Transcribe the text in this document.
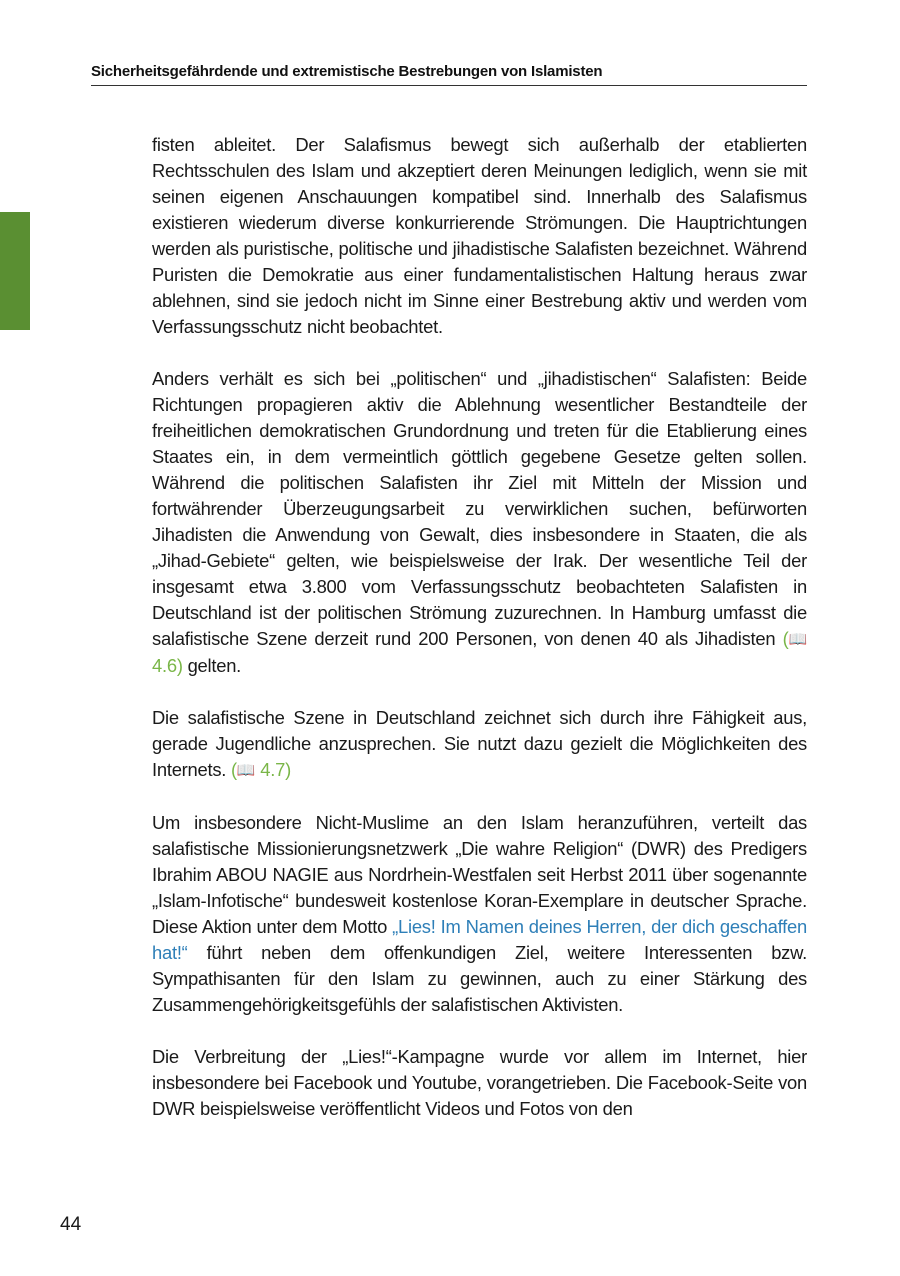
Sicherheitsgefährdende und extremistische Bestrebungen von Islamisten

fisten ableitet. Der Salafismus bewegt sich außerhalb der etablierten Rechtsschulen des Islam und akzeptiert deren Meinungen lediglich, wenn sie mit seinen eigenen Anschauungen kompatibel sind. Innerhalb des Salafismus existieren wiederum diverse konkurrierende Strömungen. Die Hauptrichtungen werden als puristische, politische und jihadistische Salafisten bezeichnet. Während Puristen die Demokratie aus einer fundamentalistischen Haltung heraus zwar ablehnen, sind sie jedoch nicht im Sinne einer Bestrebung aktiv und werden vom Verfassungsschutz nicht beobachtet.

Anders verhält es sich bei „politischen“ und „jihadistischen“ Salafisten: Beide Richtungen propagieren aktiv die Ablehnung wesentlicher Bestandteile der freiheitlichen demokratischen Grundordnung und treten für die Etablierung eines Staates ein, in dem vermeintlich göttlich gegebene Gesetze gelten sollen. Während die politischen Salafisten ihr Ziel mit Mitteln der Mission und fortwährender Überzeugungsarbeit zu verwirklichen suchen, befürworten Jihadisten die Anwendung von Gewalt, dies insbesondere in Staaten, die als „Jihad-Gebiete“ gelten, wie beispielsweise der Irak. Der wesentliche Teil der insgesamt etwa 3.800 vom Verfassungsschutz beobachteten Salafisten in Deutschland ist der politischen Strömung zuzurechnen. In Hamburg umfasst die salafistische Szene derzeit rund 200 Personen, von denen 40 als Jihadisten (📖 4.6) gelten.

Die salafistische Szene in Deutschland zeichnet sich durch ihre Fähigkeit aus, gerade Jugendliche anzusprechen. Sie nutzt dazu gezielt die Möglichkeiten des Internets. (📖 4.7)

Um insbesondere Nicht-Muslime an den Islam heranzuführen, verteilt das salafistische Missionierungsnetzwerk „Die wahre Religion“ (DWR) des Predigers Ibrahim ABOU NAGIE aus Nordrhein-Westfalen seit Herbst 2011 über sogenannte „Islam-Infotische“ bundesweit kostenlose Koran-Exemplare in deutscher Sprache. Diese Aktion unter dem Motto „Lies! Im Namen deines Herren, der dich geschaffen hat!“ führt neben dem offenkundigen Ziel, weitere Interessenten bzw. Sympathisanten für den Islam zu gewinnen, auch zu einer Stärkung des Zusammengehörigkeitsgefühls der salafistischen Aktivisten.

Die Verbreitung der „Lies!“-Kampagne wurde vor allem im Internet, hier insbesondere bei Facebook und Youtube, vorangetrieben. Die Facebook-Seite von DWR beispielsweise veröffentlicht Videos und Fotos von den

44
